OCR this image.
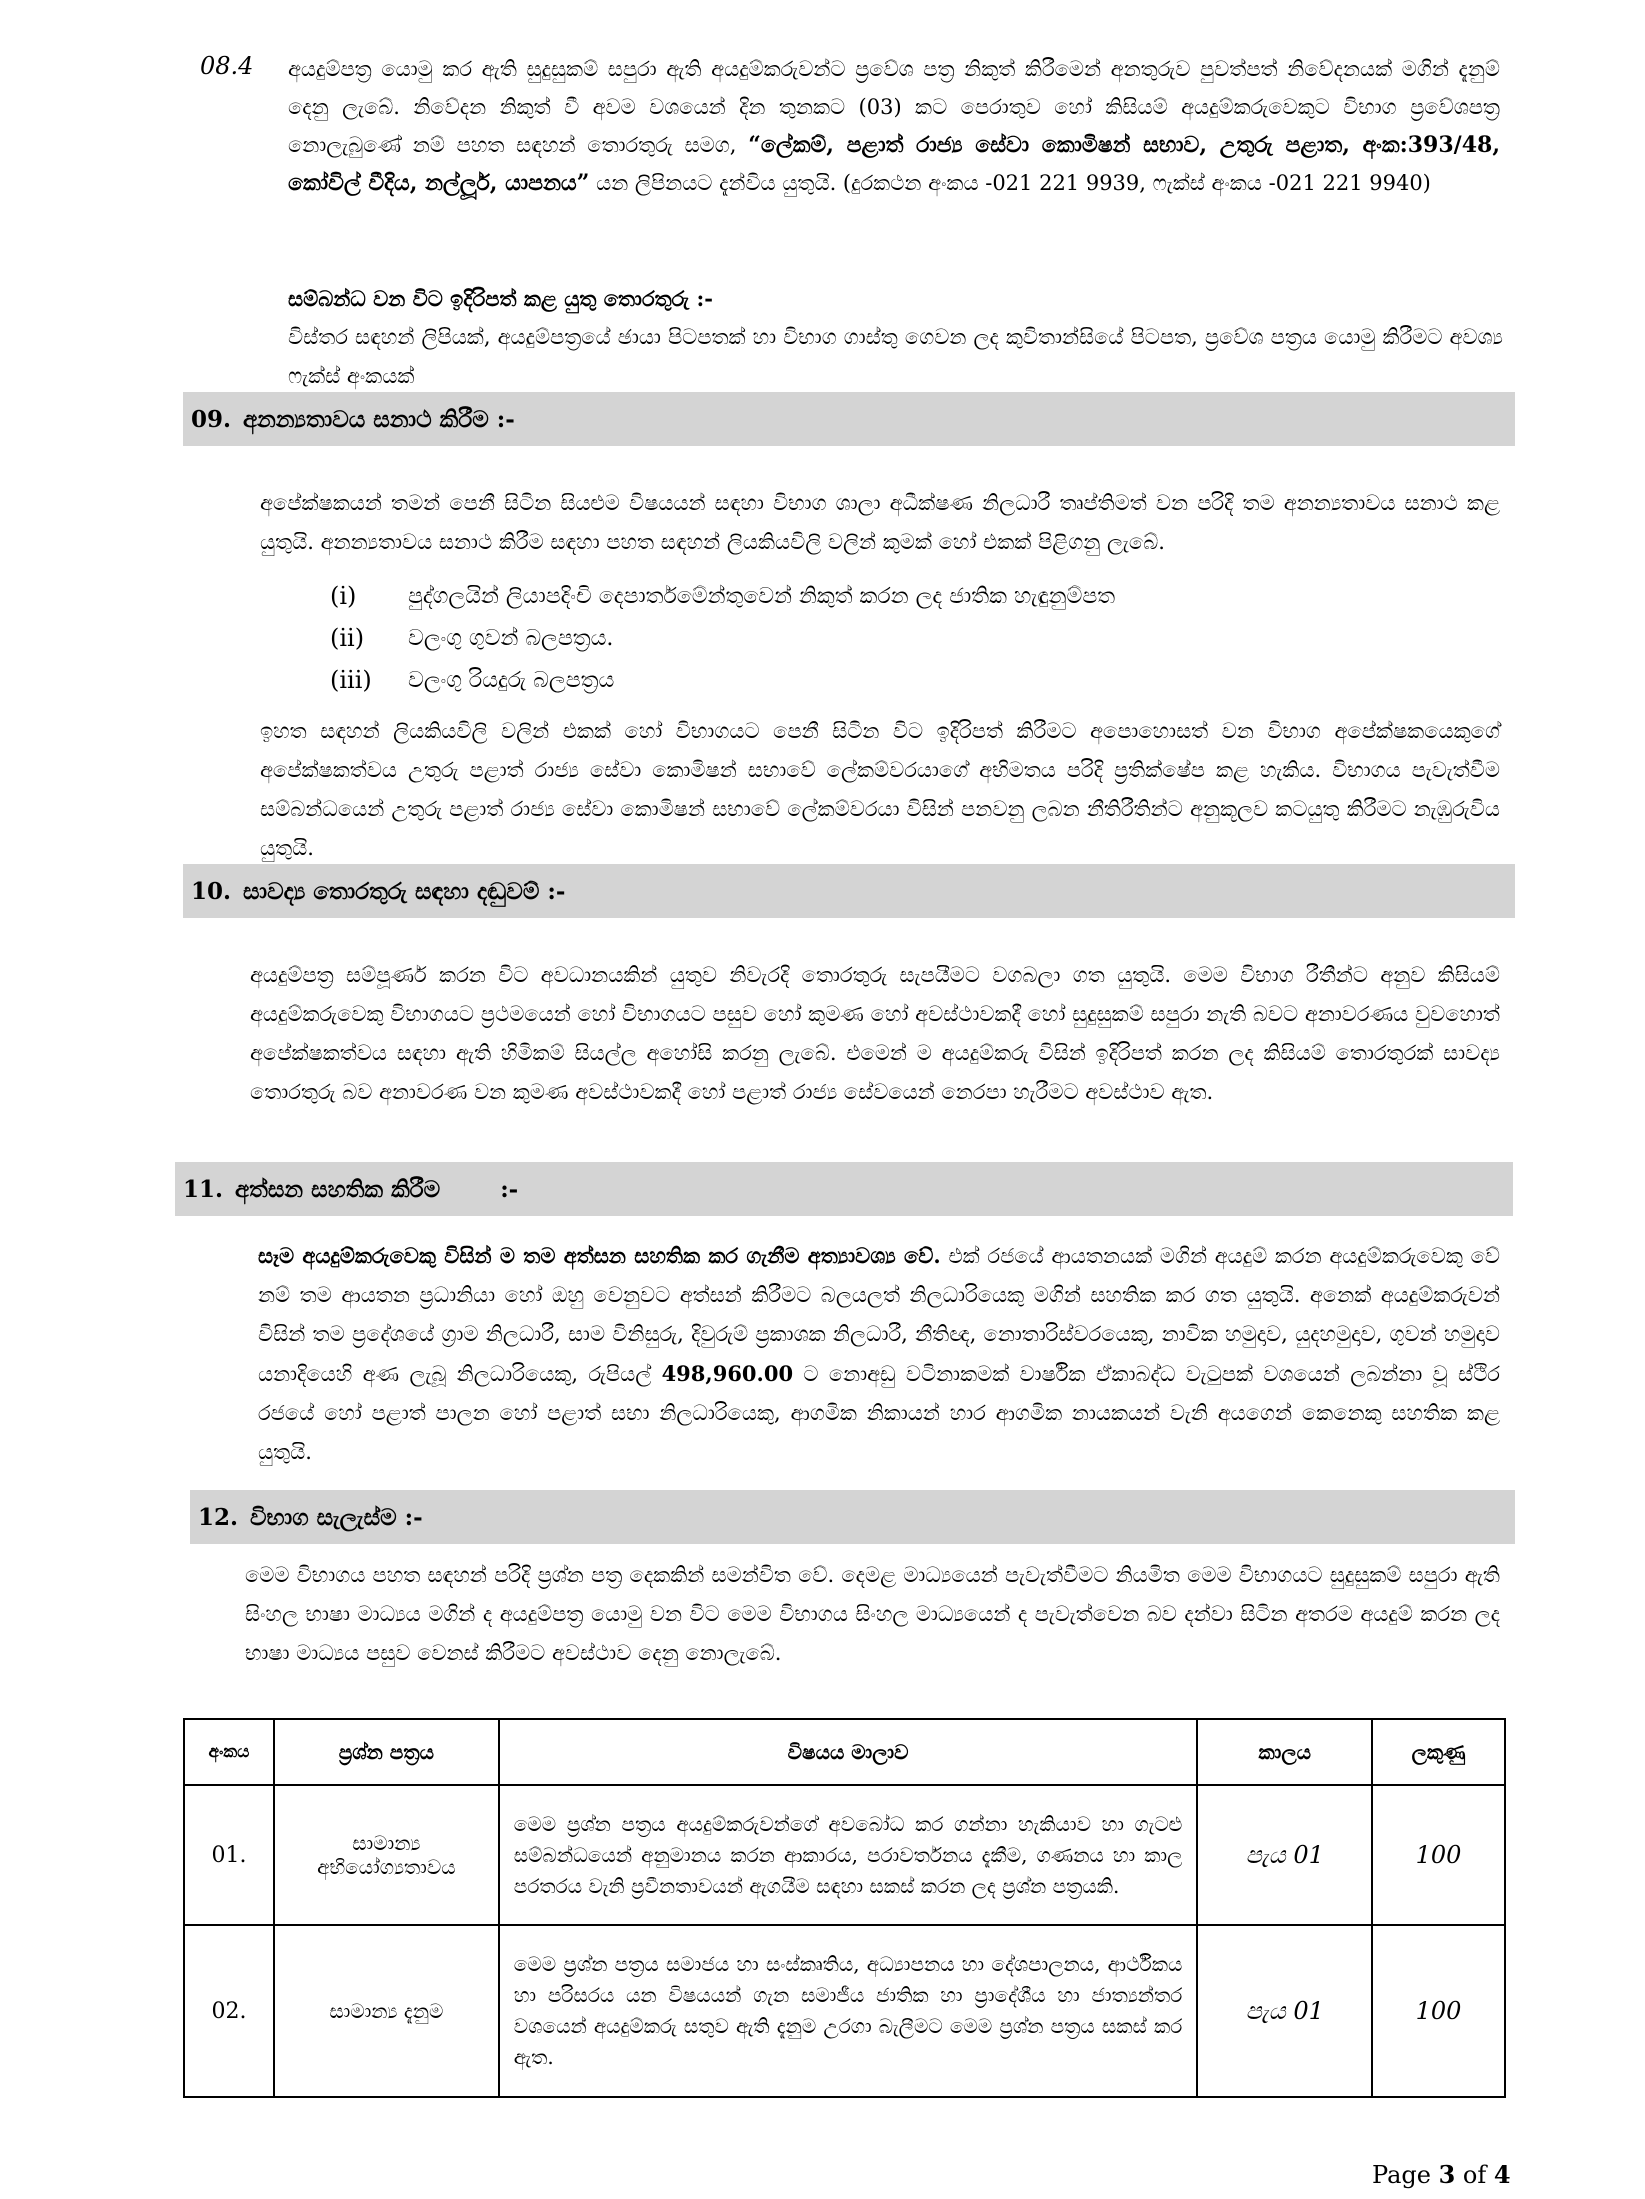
08.4 අයදුම්පත්‍ර යොමු කර ඇති සුදුසුකම් සපුරා ඇති අයදුම්කරුවන්ට ප්‍රවේශ පත්‍ර නිකුත් කිරීමෙන් අනතුරුව පුවත්පත් නිවේදනයක් මගින් දැනුම් දෙනු ලැබේ. නිවේදන නිකුත් වී අවම වශයෙන් දින තුනකට (03) කට පෙරාතුව හෝ කිසියම් අයදුම්කරුවෙකුට විභාග ප්‍රවේශපත්‍ර නොලැබුණේ නම් පහත සඳහන් තොරතුරු සමග, “ලේකම්, පළාත් රාජ්‍ය සේවා කොමිෂන් සභාව, උතුරු පළාත, අංක:393/48, කෝවිල් වීදිය, නල්ලූර්, යාපනය” යන ලිපිනයට දැන්විය යුතුයි. (දුරකථන අංකය -021 221 9939, ෆැක්ස් අංකය -021 221 9940)
සම්බන්ධ වන විට ඉදිරිපත් කළ යුතු තොරතුරු :-
විස්තර සඳහන් ලිපියක්, අයදුම්පත්‍රයේ ඡායා පිටපතක් හා විභාග ගාස්තු ගෙවන ලද කුවිතාන්සියේ පිටපත, ප්‍රවේශ පත්‍රය යොමු කිරීමට අවශ්‍ය ෆැක්ස් අංකයක්
09. අනන්‍යතාවය සනාථ කිරීම :-
අපේක්ෂකයන් තමන් පෙනී සිටින සියළුම විෂයයන් සඳහා විභාග ශාලා අධීක්ෂණ නිලධාරී තෘප්තිමත් වන පරිදි තම අනන්‍යතාවය සනාථ කළ යුතුයි. අනන්‍යතාවය සනාථ කිරීම සඳහා පහත සඳහන් ලියකියවිලි වලින් කුමක් හෝ එකක් පිළිගනු ලැබේ.
(i)	පුද්ගලයින් ලියාපදිංචි දෙපාර්තමේන්තුවෙන් නිකුත් කරන ලද ජාතික හැඳුනුම්පත
(ii)	වලංගු ගුවන් බලපත්‍රය.
(iii)	වලංගු රියදුරු බලපත්‍රය
ඉහත සඳහන් ලියකියවිලි වලින් එකක් හෝ විභාගයට පෙනී සිටින විට ඉදිරිපත් කිරීමට අපොහොසත් වන විභාග අපේක්ෂකයෙකුගේ අපේක්ෂකත්වය උතුරු පළාත් රාජ්‍ය සේවා කොමිෂන් සභාවේ ලේකම්වරයාගේ අභිමතය පරිදි ප්‍රතික්ෂේප කළ හැකිය. විභාගය පැවැත්වීම සම්බන්ධයෙන් උතුරු පළාත් රාජ්‍ය සේවා කොමිෂන් සභාවේ ලේකම්වරයා විසින් පනවනු ලබන නීතිරීතින්ට අනුකූලව කටයුතු කිරීමට නැඹුරුවිය යුතුයි.
10. සාවද්‍ය තොරතුරු සඳහා දඬුවම් :-
අයදුම්පත්‍ර සම්පූර්ණ කරන විට අවධානයකින් යුතුව නිවැරදි තොරතුරු සැපයීමට වගබලා ගත යුතුයි. මෙම විභාග රීතීන්ට අනුව කිසියම් අයදුම්කරුවෙකු විභාගයට ප්‍රථමයෙන් හෝ විභාගයට පසුව හෝ කුමණ හෝ අවස්ථාවකදී හෝ සුදුසුකම් සපුරා නැති බවට අනාවරණය වුවහොත් අපේක්ෂකත්වය සඳහා ඇති හිමිකම් සියල්ල අහෝසි කරනු ලැබේ. එමෙන් ම අයදුම්කරු විසින් ඉදිරිපත් කරන ලද කිසියම් තොරතුරක් සාවද්‍ය තොරතුරු බව අනාවරණ වන කුමණ අවස්ථාවකදී හෝ පළාත් රාජ්‍ය සේවයෙන් නෙරපා හැරීමට අවස්ථාව ඇත.
11. අත්සන සහතික කිරීම	:-
සෑම අයදුම්කරුවෙකු විසින් ම තම අත්සන සහතික කර ගැනීම අත්‍යාවශ්‍ය වේ. එක් රජයේ ආයතනයක් මගින් අයදුම් කරන අයදුම්කරුවෙකු වේ නම් තම ආයතන ප්‍රධානියා හෝ ඔහු වෙනුවට අත්සන් කිරීමට බලයලත් නිලධාරියෙකු මගින් සහතික කර ගත යුතුයි. අනෙක් අයදුම්කරුවන් විසින් තම ප්‍රදේශයේ ග්‍රාම නිලධාරී, සාම විනිසුරු, දිවුරුම් ප්‍රකාශක නිලධාරී, නීතිඥ, නොතාරිස්වරයෙකු, නාවික හමුදාව, යුදහමුදාව, ගුවන් හමුදාව යනාදියෙහි අණ ලැබූ නිලධාරියෙකු, රුපියල් 498,960.00 ට නොඅඩු වටිනාකමක් වාර්ෂික ඒකාබද්ධ වැටුපක් වශයෙන් ලබන්නා වූ ස්ථිර රජයේ හෝ පළාත් පාලන හෝ පළාත් සභා නිලධාරියෙකු, ආගමික නිකායන් හාර ආගමික නායකයන් වැනි අයගෙන් කෙනෙකු සහතික කළ යුතුයි.
12. විභාග සැලැස්ම :-
මෙම විභාගය පහත සඳහන් පරිදි ප්‍රශ්න පත්‍ර දෙකකින් සමන්විත වේ. දෙමළ මාධ්‍යයෙන් පැවැත්වීමට නියමිත මෙම විභාගයට සුදුසුකම් සපුරා ඇති සිංහල භාෂා මාධ්‍යය මගින් ද අයදුම්පත්‍ර යොමු වන විට මෙම විභාගය සිංහල මාධ්‍යයෙන් ද පැවැත්වෙන බව දන්වා සිටින අතරම අයදුම් කරන ලද භාෂා මාධ්‍යය පසුව වෙනස් කිරීමට අවස්ථාව දෙනු නොලැබේ.
අංකය	ප්‍රශ්න පත්‍රය	විෂයය මාලාව	කාලය	ලකුණු
01.	සාමාන්‍ය අභියෝග්‍යතාවය	මෙම ප්‍රශ්න පත්‍රය අයදුම්කරුවන්ගේ අවබෝධ කර ගන්නා හැකියාව හා ගැටළු සම්බන්ධයෙන් අනුමානය කරන ආකාරය, පරාවර්තනය දැකීම, ගණනය හා කාල පරතරය වැනි ප්‍රවීනතාවයන් ඇගයීම සඳහා සකස් කරන ලද ප්‍රශ්න පත්‍රයකි.	පැය 01	100
02.	සාමාන්‍ය දැනුම	මෙම ප්‍රශ්න පත්‍රය සමාජය හා සංස්කෘතිය, අධ්‍යාපනය හා දේශපාලනය, ආර්ථිකය හා පරිසරය යන විෂයයන් ගැන සමාජීය ජාතික හා ප්‍රාදේශීය හා ජාත්‍යන්තර වශයෙන් අයදුම්කරු සතුව ඇති දැනුම උරගා බැලීමට මෙම ප්‍රශ්න පත්‍රය සකස් කර ඇත.	පැය 01	100
Page 3 of 4
